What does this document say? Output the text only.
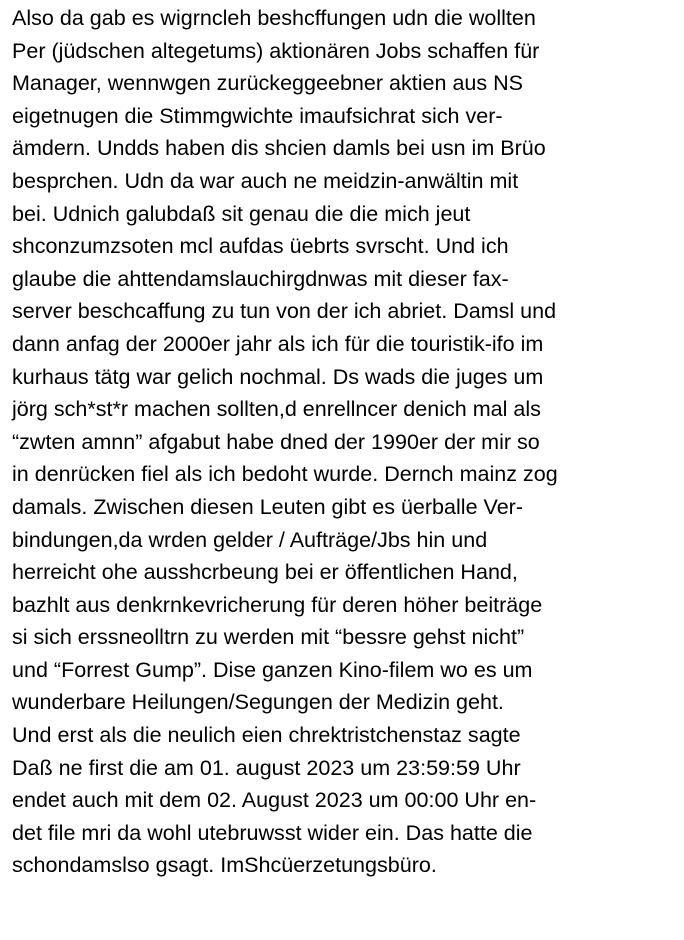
Also da gab es wigrncleh beshcffungen udn die wollten
Per (jüdschen altegetums) aktionären Jobs schaffen für
Manager, wennwgen zurückeggeebner aktien aus NS
eigetnugen die Stimmgwichte imaufsichrat sich ver-
ämdern. Undds haben dis shcien damls bei usn im Brüo
besprchen. Udn da war auch ne meidzin-anwältin mit
bei. Udnich galubdaß sit genau die die mich jeut
shconzumzsoten mcl aufdas üebrts svrscht. Und ich
glaube die ahttendamslauchirgdnwas mit dieser fax-
server beschcaffung zu tun von der ich abriet. Damsl und
dann anfag der 2000er jahr als ich für die touristik-ifo im
kurhaus tätg war gelich nochmal. Ds wads die juges um
jörg sch*st*r machen sollten,d enrellncer denich mal als
“zwten amnn” afgabut habe dned der 1990er der mir so
in denrücken fiel als ich bedoht wurde. Dernch mainz zog
damals. Zwischen diesen Leuten gibt es üerballe Ver-
bindungen,da wrden gelder / Aufträge/Jbs hin und
herreicht ohe ausshcrbeung bei er öffentlichen Hand,
bazhlt aus denkrnkevricherung für deren höher beiträge
si sich erssneolltrn zu werden mit “bessre gehst nicht”
und “Forrest Gump”. Dise ganzen Kino-filem wo es um
wunderbare Heilungen/Segungen der Medizin geht.
Und erst als die neulich eien chrektristchenstaz sagte
Daß ne first die am 01. august 2023 um 23:59:59 Uhr
endet auch mit dem 02. August 2023 um 00:00 Uhr en-
det file mri da wohl utebruwsst wider ein. Das hatte die
schondamslso gsagt. ImShcüerzetungsbüro.
